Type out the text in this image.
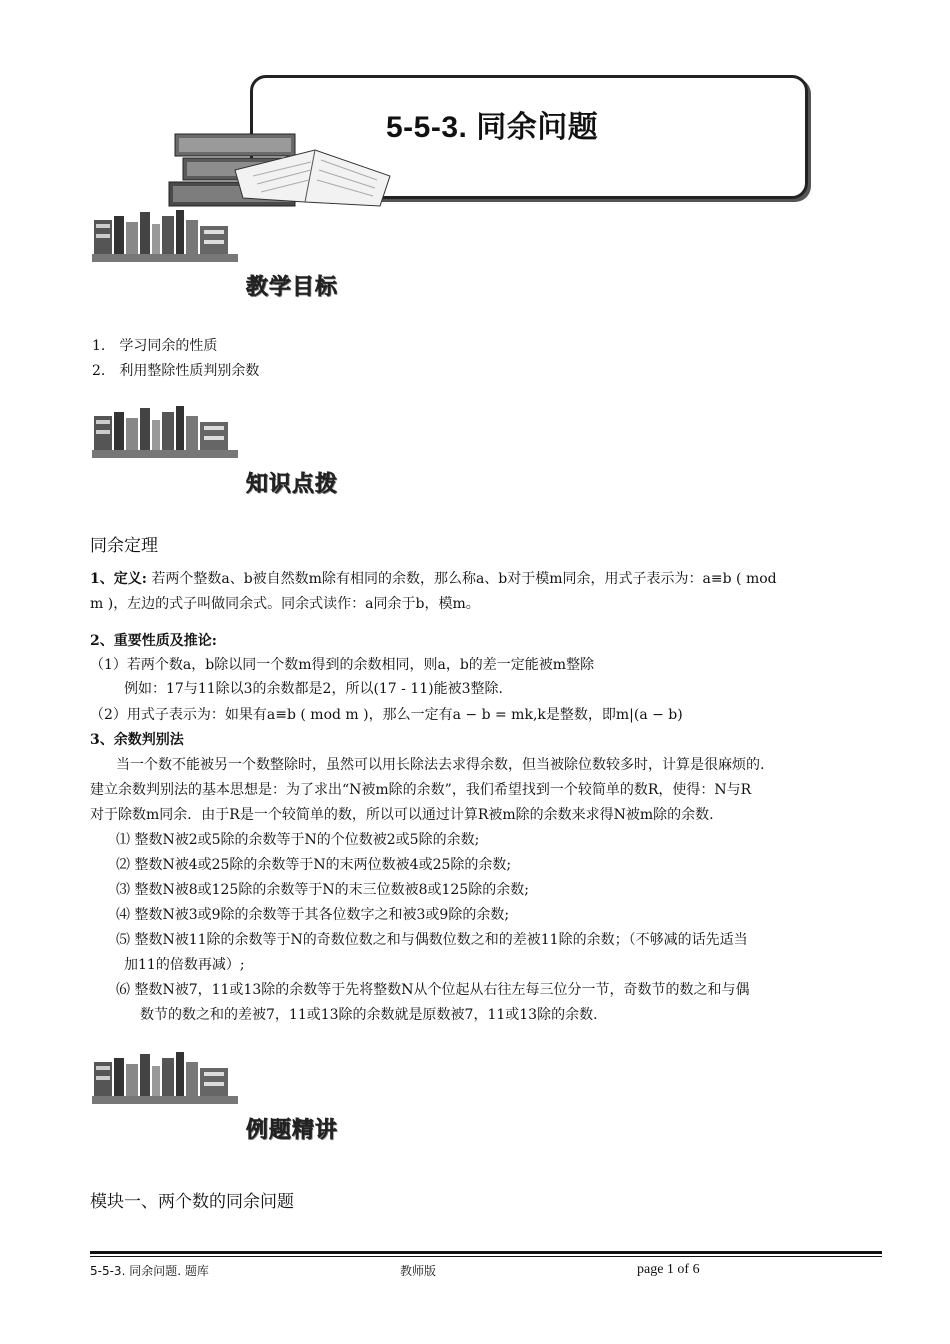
5-5-3. 同余问题
教学目标
1.　学习同余的性质
2.　利用整除性质判别余数
知识点拨
同余定理
1、定义: 若两个整数a、b被自然数m除有相同的余数，那么称a、b对于模m同余，用式子表示为：a≡b ( mod
m )，左边的式子叫做同余式。同余式读作：a同余于b，模m。
2、重要性质及推论:
（1）若两个数a，b除以同一个数m得到的余数相同，则a，b的差一定能被m整除
例如：17与11除以3的余数都是2，所以(17 - 11)能被3整除.
（2）用式子表示为：如果有a≡b ( mod m )，那么一定有a − b = mk,k是整数，即m|(a − b)
3、余数判别法
当一个数不能被另一个数整除时，虽然可以用长除法去求得余数，但当被除位数较多时，计算是很麻烦的.
建立余数判别法的基本思想是：为了求出“N被m除的余数”，我们希望找到一个较简单的数R，使得：N与R
对于除数m同余．由于R是一个较简单的数，所以可以通过计算R被m除的余数来求得N被m除的余数.
⑴ 整数N被2或5除的余数等于N的个位数被2或5除的余数;
⑵ 整数N被4或25除的余数等于N的末两位数被4或25除的余数;
⑶ 整数N被8或125除的余数等于N的末三位数被8或125除的余数;
⑷ 整数N被3或9除的余数等于其各位数字之和被3或9除的余数;
⑸ 整数N被11除的余数等于N的奇数位数之和与偶数位数之和的差被11除的余数；（不够减的话先适当
加11的倍数再减）;
⑹ 整数N被7，11或13除的余数等于先将整数N从个位起从右往左每三位分一节，奇数节的数之和与偶
数节的数之和的差被7，11或13除的余数就是原数被7，11或13除的余数.
例题精讲
模块一、两个数的同余问题
5-5-3. 同余问题. 题库	教师版	page 1 of 6
